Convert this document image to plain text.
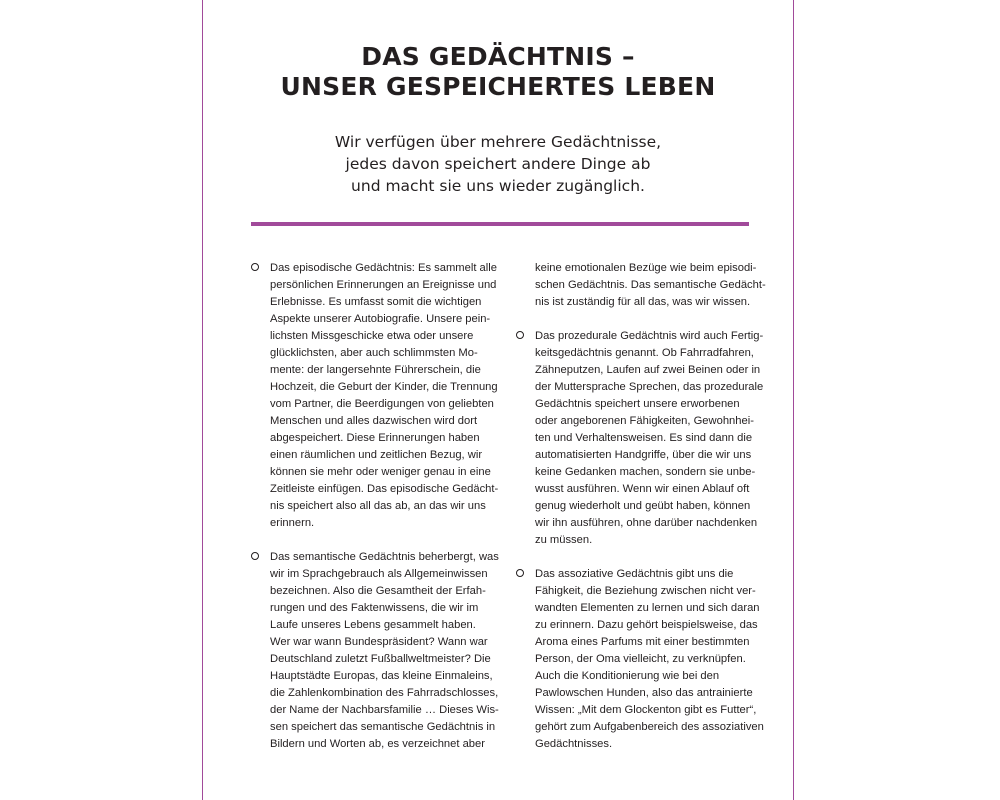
DAS GEDÄCHTNIS –
UNSER GESPEICHERTES LEBEN
Wir verfügen über mehrere Gedächtnisse,
jedes davon speichert andere Dinge ab
und macht sie uns wieder zugänglich.
Das episodische Gedächtnis: Es sammelt alle
persönlichen Erinnerungen an Ereignisse und
Erlebnisse. Es umfasst somit die wichtigen
Aspekte unserer Autobiografie. Unsere pein-
lichsten Missgeschicke etwa oder unsere
glücklichsten, aber auch schlimmsten Mo-
mente: der langersehnte Führerschein, die
Hochzeit, die Geburt der Kinder, die Trennung
vom Partner, die Beerdigungen von geliebten
Menschen und alles dazwischen wird dort
abgespeichert. Diese Erinnerungen haben
einen räumlichen und zeitlichen Bezug, wir
können sie mehr oder weniger genau in eine
Zeitleiste einfügen. Das episodische Gedächt-
nis speichert also all das ab, an das wir uns
erinnern.
Das semantische Gedächtnis beherbergt, was
wir im Sprachgebrauch als Allgemeinwissen
bezeichnen. Also die Gesamtheit der Erfah-
rungen und des Faktenwissens, die wir im
Laufe unseres Lebens gesammelt haben.
Wer war wann Bundespräsident? Wann war
Deutschland zuletzt Fußballweltmeister? Die
Hauptstädte Europas, das kleine Einmaleins,
die Zahlenkombination des Fahrradschlosses,
der Name der Nachbarsfamilie … Dieses Wis-
sen speichert das semantische Gedächtnis in
Bildern und Worten ab, es verzeichnet aber
keine emotionalen Bezüge wie beim episodi-
schen Gedächtnis. Das semantische Gedächt-
nis ist zuständig für all das, was wir wissen.
Das prozedurale Gedächtnis wird auch Fertig-
keitsgedächtnis genannt. Ob Fahrradfahren,
Zähneputzen, Laufen auf zwei Beinen oder in
der Muttersprache Sprechen, das prozedurale
Gedächtnis speichert unsere erworbenen
oder angeborenen Fähigkeiten, Gewohnhei-
ten und Verhaltensweisen. Es sind dann die
automatisierten Handgriffe, über die wir uns
keine Gedanken machen, sondern sie unbe-
wusst ausführen. Wenn wir einen Ablauf oft
genug wiederholt und geübt haben, können
wir ihn ausführen, ohne darüber nachdenken
zu müssen.
Das assoziative Gedächtnis gibt uns die
Fähigkeit, die Beziehung zwischen nicht ver-
wandten Elementen zu lernen und sich daran
zu erinnern. Dazu gehört beispielsweise, das
Aroma eines Parfums mit einer bestimmten
Person, der Oma vielleicht, zu verknüpfen.
Auch die Konditionierung wie bei den
Pawlowschen Hunden, also das antrainierte
Wissen: „Mit dem Glockenton gibt es Futter“,
gehört zum Aufgabenbereich des assoziativen
Gedächtnisses.
